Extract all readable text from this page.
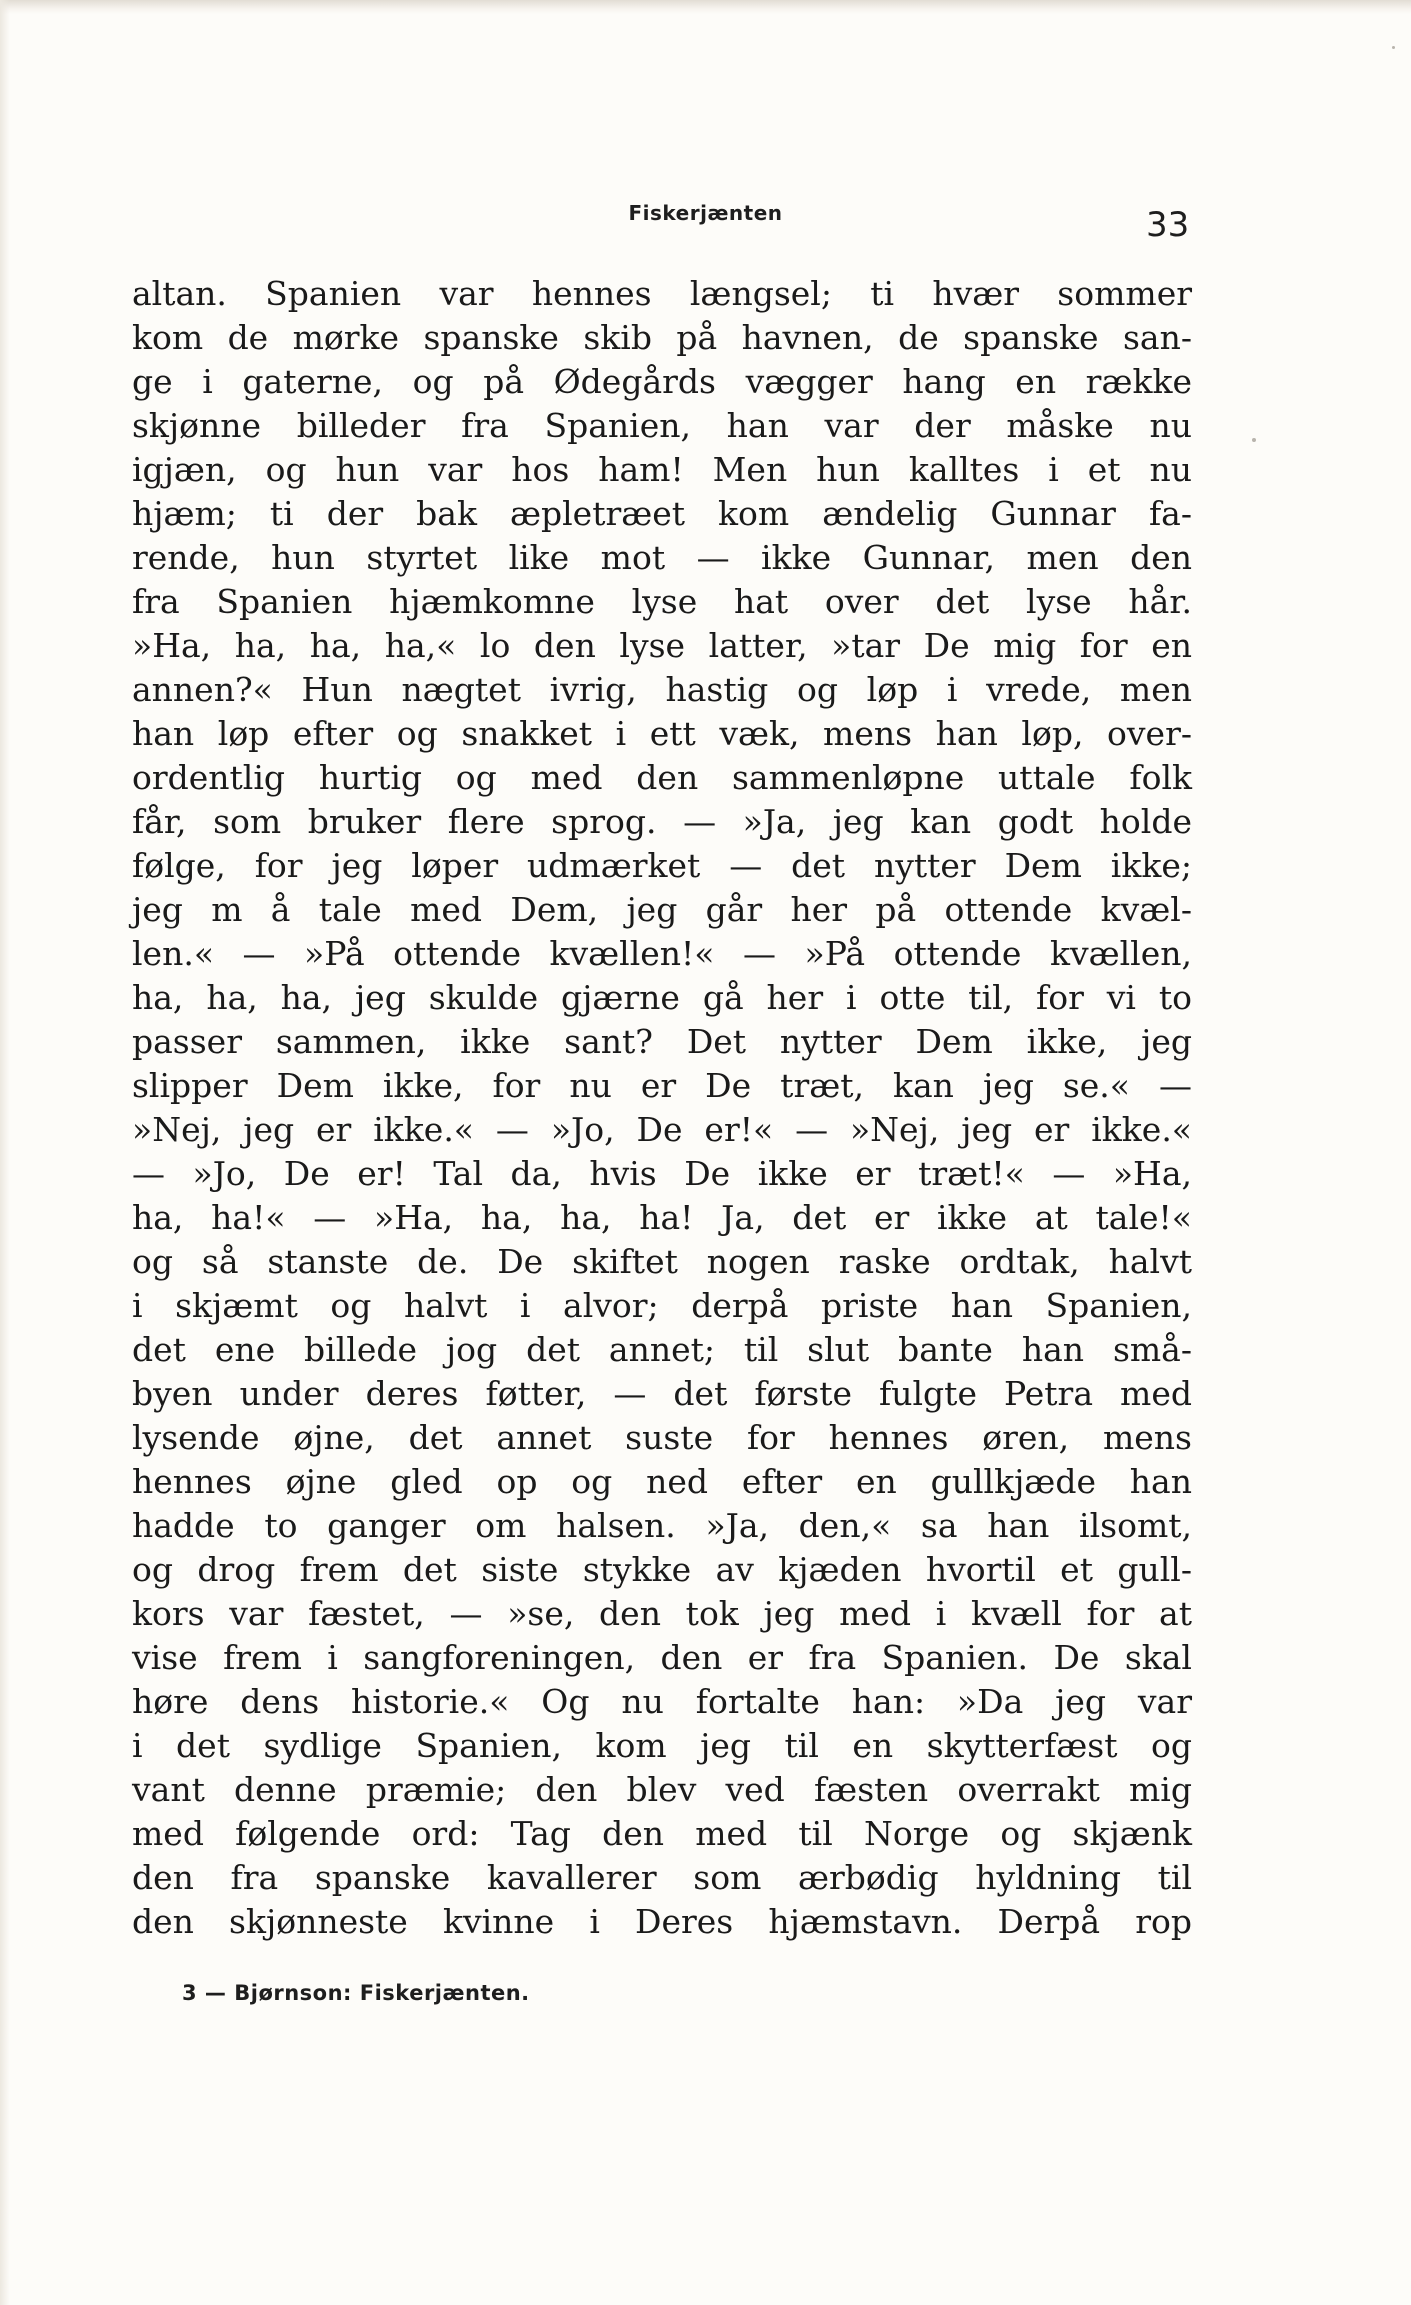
Fiskerjænten	33

altan. Spanien var hennes længsel; ti hvær sommer
kom de mørke spanske skib på havnen, de spanske san-
ge i gaterne, og på Ødegårds vægger hang en række
skjønne billeder fra Spanien, han var der måske nu
igjæn, og hun var hos ham! Men hun kalltes i et nu
hjæm; ti der bak æpletræet kom ændelig Gunnar fa-
rende, hun styrtet like mot — ikke Gunnar, men den
fra Spanien hjæmkomne lyse hat over det lyse hår.
»Ha, ha, ha, ha,« lo den lyse latter, »tar De mig for en
annen?« Hun nægtet ivrig, hastig og løp i vrede, men
han løp efter og snakket i ett væk, mens han løp, over-
ordentlig hurtig og med den sammenløpne uttale folk
får, som bruker flere sprog. — »Ja, jeg kan godt holde
følge, for jeg løper udmærket — det nytter Dem ikke;
jeg m å tale med Dem, jeg går her på ottende kvæl-
len.« — »På ottende kvællen!« — »På ottende kvællen,
ha, ha, ha, jeg skulde gjærne gå her i otte til, for vi to
passer sammen, ikke sant? Det nytter Dem ikke, jeg
slipper Dem ikke, for nu er De træt, kan jeg se.« —
»Nej, jeg er ikke.« — »Jo, De er!« — »Nej, jeg er ikke.«
— »Jo, De er! Tal da, hvis De ikke er træt!« — »Ha,
ha, ha!« — »Ha, ha, ha, ha! Ja, det er ikke at tale!«
og så stanste de. De skiftet nogen raske ordtak, halvt
i skjæmt og halvt i alvor; derpå priste han Spanien,
det ene billede jog det annet; til slut bante han små-
byen under deres føtter, — det første fulgte Petra med
lysende øjne, det annet suste for hennes øren, mens
hennes øjne gled op og ned efter en gullkjæde han
hadde to ganger om halsen. »Ja, den,« sa han ilsomt,
og drog frem det siste stykke av kjæden hvortil et gull-
kors var fæstet, — »se, den tok jeg med i kvæll for at
vise frem i sangforeningen, den er fra Spanien. De skal
høre dens historie.« Og nu fortalte han: »Da jeg var
i det sydlige Spanien, kom jeg til en skytterfæst og
vant denne præmie; den blev ved fæsten overrakt mig
med følgende ord: Tag den med til Norge og skjænk
den fra spanske kavallerer som ærbødig hyldning til
den skjønneste kvinne i Deres hjæmstavn. Derpå rop

3 — Bjørnson: Fiskerjænten.
